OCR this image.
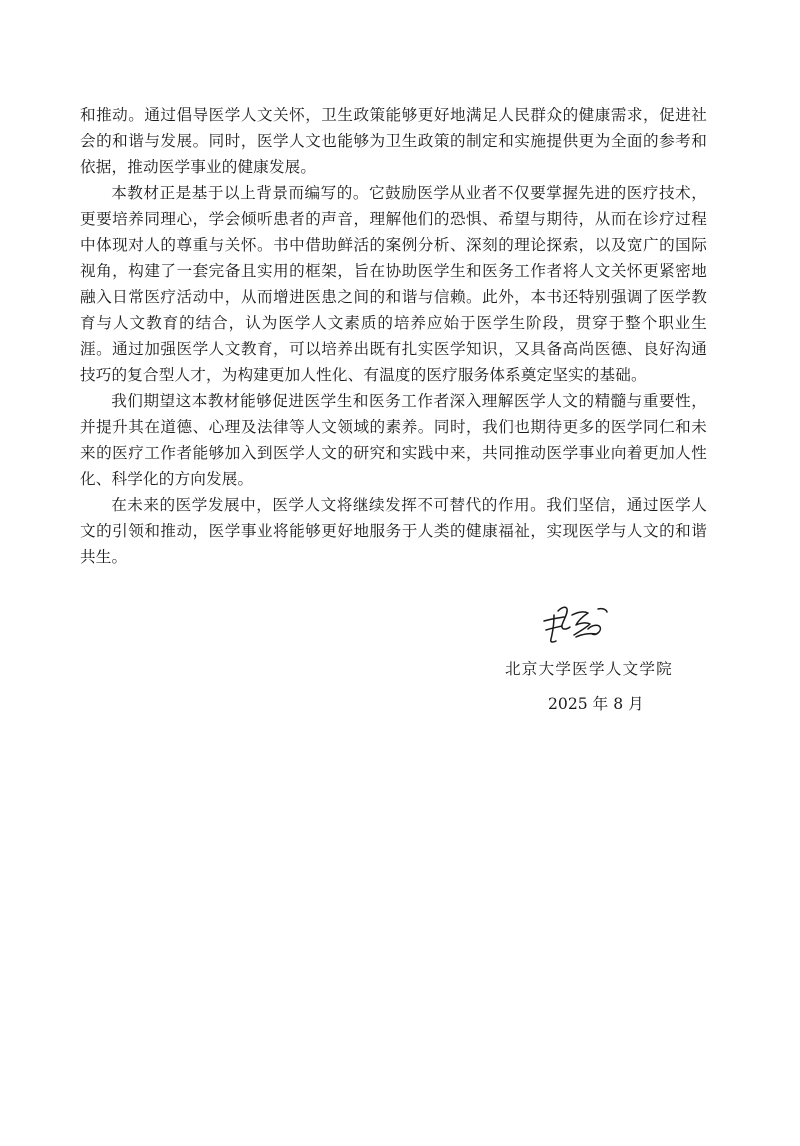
和推动。通过倡导医学人文关怀，卫生政策能够更好地满足人民群众的健康需求，促进社会的和谐与发展。同时，医学人文也能够为卫生政策的制定和实施提供更为全面的参考和依据，推动医学事业的健康发展。

本教材正是基于以上背景而编写的。它鼓励医学从业者不仅要掌握先进的医疗技术，更要培养同理心，学会倾听患者的声音，理解他们的恐惧、希望与期待，从而在诊疗过程中体现对人的尊重与关怀。书中借助鲜活的案例分析、深刻的理论探索，以及宽广的国际视角，构建了一套完备且实用的框架，旨在协助医学生和医务工作者将人文关怀更紧密地融入日常医疗活动中，从而增进医患之间的和谐与信赖。此外，本书还特别强调了医学教育与人文教育的结合，认为医学人文素质的培养应始于医学生阶段，贯穿于整个职业生涯。通过加强医学人文教育，可以培养出既有扎实医学知识，又具备高尚医德、良好沟通技巧的复合型人才，为构建更加人性化、有温度的医疗服务体系奠定坚实的基础。

我们期望这本教材能够促进医学生和医务工作者深入理解医学人文的精髓与重要性，并提升其在道德、心理及法律等人文领域的素养。同时，我们也期待更多的医学同仁和未来的医疗工作者能够加入到医学人文的研究和实践中来，共同推动医学事业向着更加人性化、科学化的方向发展。

在未来的医学发展中，医学人文将继续发挥不可替代的作用。我们坚信，通过医学人文的引领和推动，医学事业将能够更好地服务于人类的健康福祉，实现医学与人文的和谐共生。

北京大学医学人文学院
2025 年 8 月
